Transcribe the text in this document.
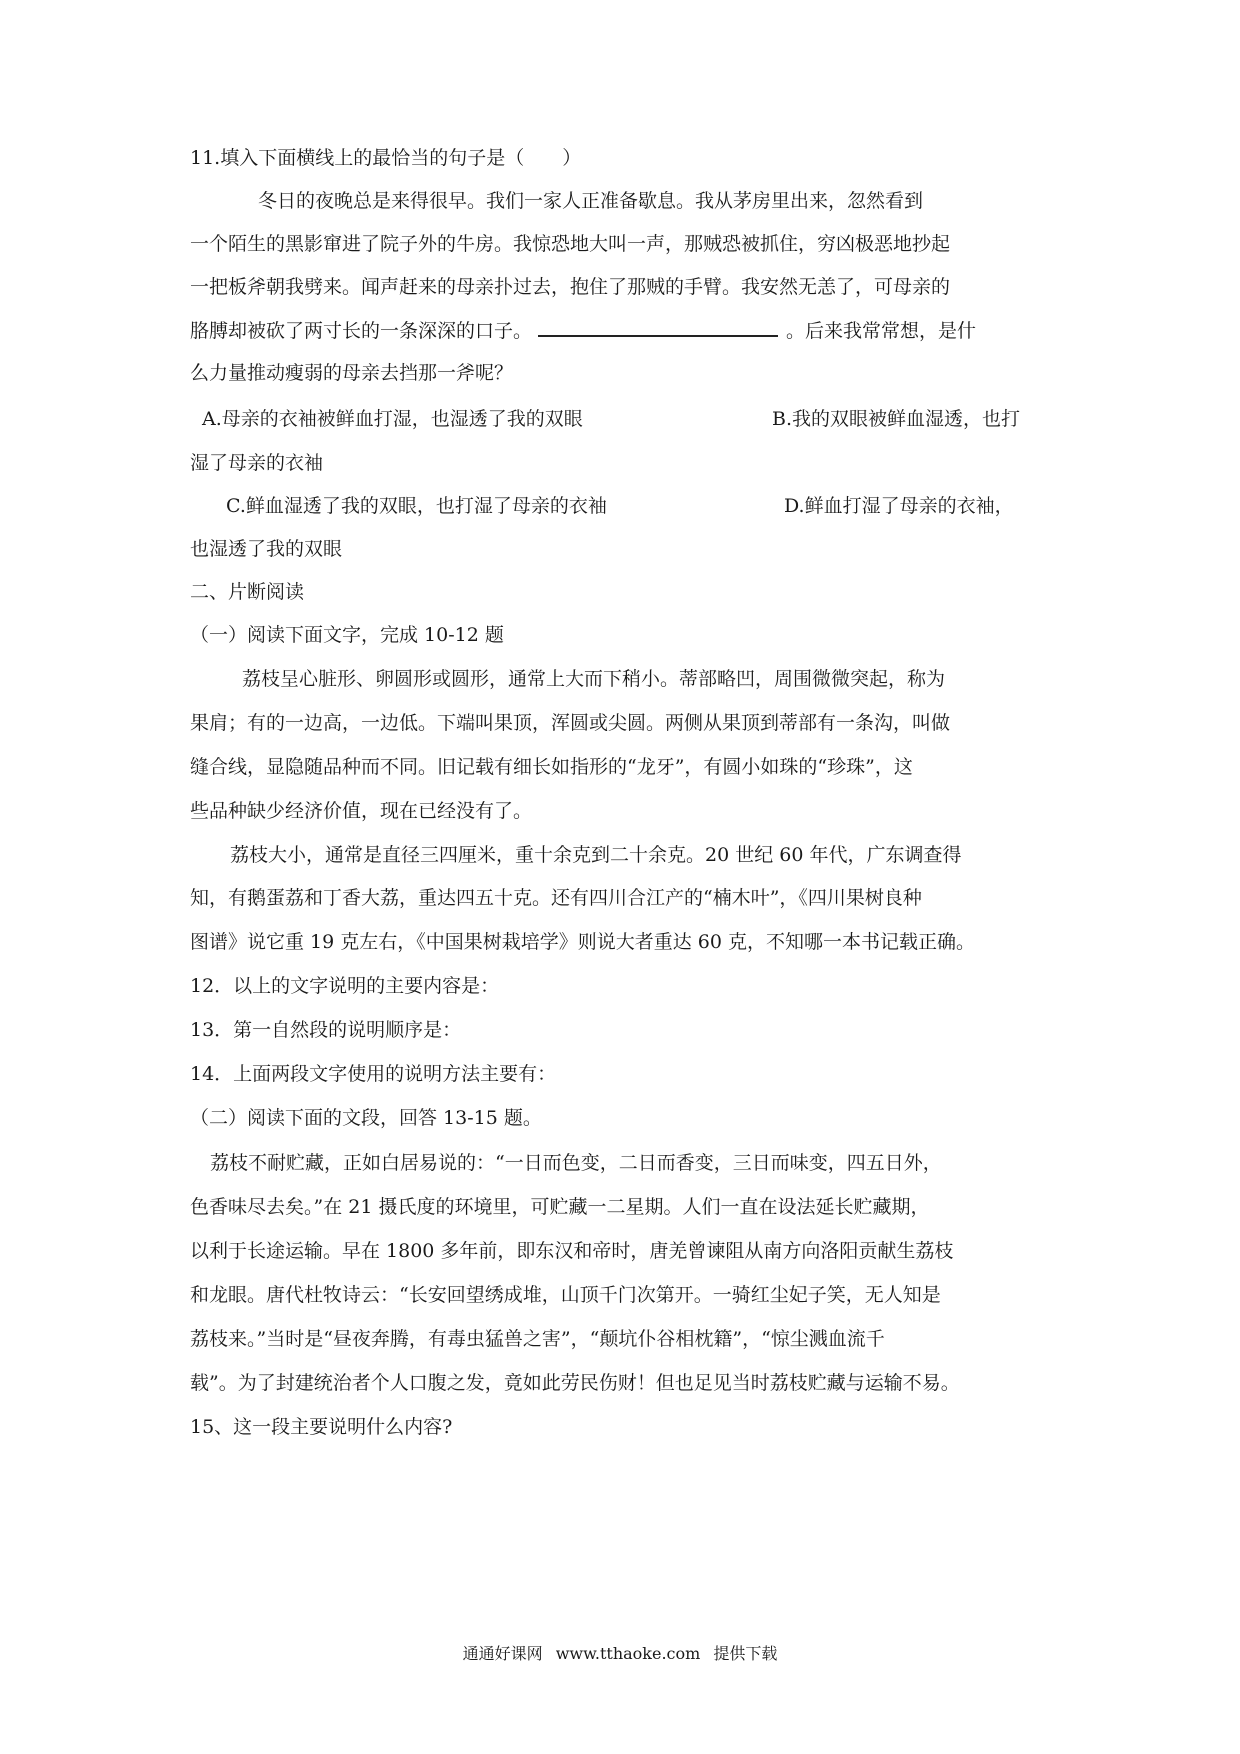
11.填入下面横线上的最恰当的句子是（　　）
冬日的夜晚总是来得很早。我们一家人正准备歇息。我从茅房里出来，忽然看到
一个陌生的黑影窜进了院子外的牛房。我惊恐地大叫一声，那贼恐被抓住，穷凶极恶地抄起
一把板斧朝我劈来。闻声赶来的母亲扑过去，抱住了那贼的手臂。我安然无恙了，可母亲的
胳膊却被砍了两寸长的一条深深的口子。	。后来我常常想，是什
么力量推动瘦弱的母亲去挡那一斧呢？
A.母亲的衣袖被鲜血打湿，也湿透了我的双眼	B.我的双眼被鲜血湿透，也打
湿了母亲的衣袖
C.鲜血湿透了我的双眼，也打湿了母亲的衣袖	D.鲜血打湿了母亲的衣袖，
也湿透了我的双眼
二、片断阅读
（一）阅读下面文字，完成 10-12 题
荔枝呈心脏形、卵圆形或圆形，通常上大而下稍小。蒂部略凹，周围微微突起，称为
果肩；有的一边高，一边低。下端叫果顶，浑圆或尖圆。两侧从果顶到蒂部有一条沟，叫做
缝合线，显隐随品种而不同。旧记载有细长如指形的“龙牙”，有圆小如珠的“珍珠”，这
些品种缺少经济价值，现在已经没有了。
荔枝大小，通常是直径三四厘米，重十余克到二十余克。20 世纪 60 年代，广东调查得
知，有鹅蛋荔和丁香大荔，重达四五十克。还有四川合江产的“楠木叶”，《四川果树良种
图谱》说它重 19 克左右，《中国果树栽培学》则说大者重达 60 克，不知哪一本书记载正确。
12．以上的文字说明的主要内容是：
13．第一自然段的说明顺序是：
14．上面两段文字使用的说明方法主要有：
（二）阅读下面的文段，回答 13-15 题。
荔枝不耐贮藏，正如白居易说的：“一日而色变，二日而香变，三日而味变，四五日外，
色香味尽去矣。”在 21 摄氏度的环境里，可贮藏一二星期。人们一直在设法延长贮藏期，
以利于长途运输。早在 1800 多年前，即东汉和帝时，唐羌曾谏阻从南方向洛阳贡献生荔枝
和龙眼。唐代杜牧诗云：“长安回望绣成堆，山顶千门次第开。一骑红尘妃子笑，无人知是
荔枝来。”当时是“昼夜奔腾，有毒虫猛兽之害”，“颠坑仆谷相枕籍”，“惊尘溅血流千
载”。为了封建统治者个人口腹之发，竟如此劳民伤财！但也足见当时荔枝贮藏与运输不易。
15、这一段主要说明什么内容?
通通好课网 www.tthaoke.com 提供下载
